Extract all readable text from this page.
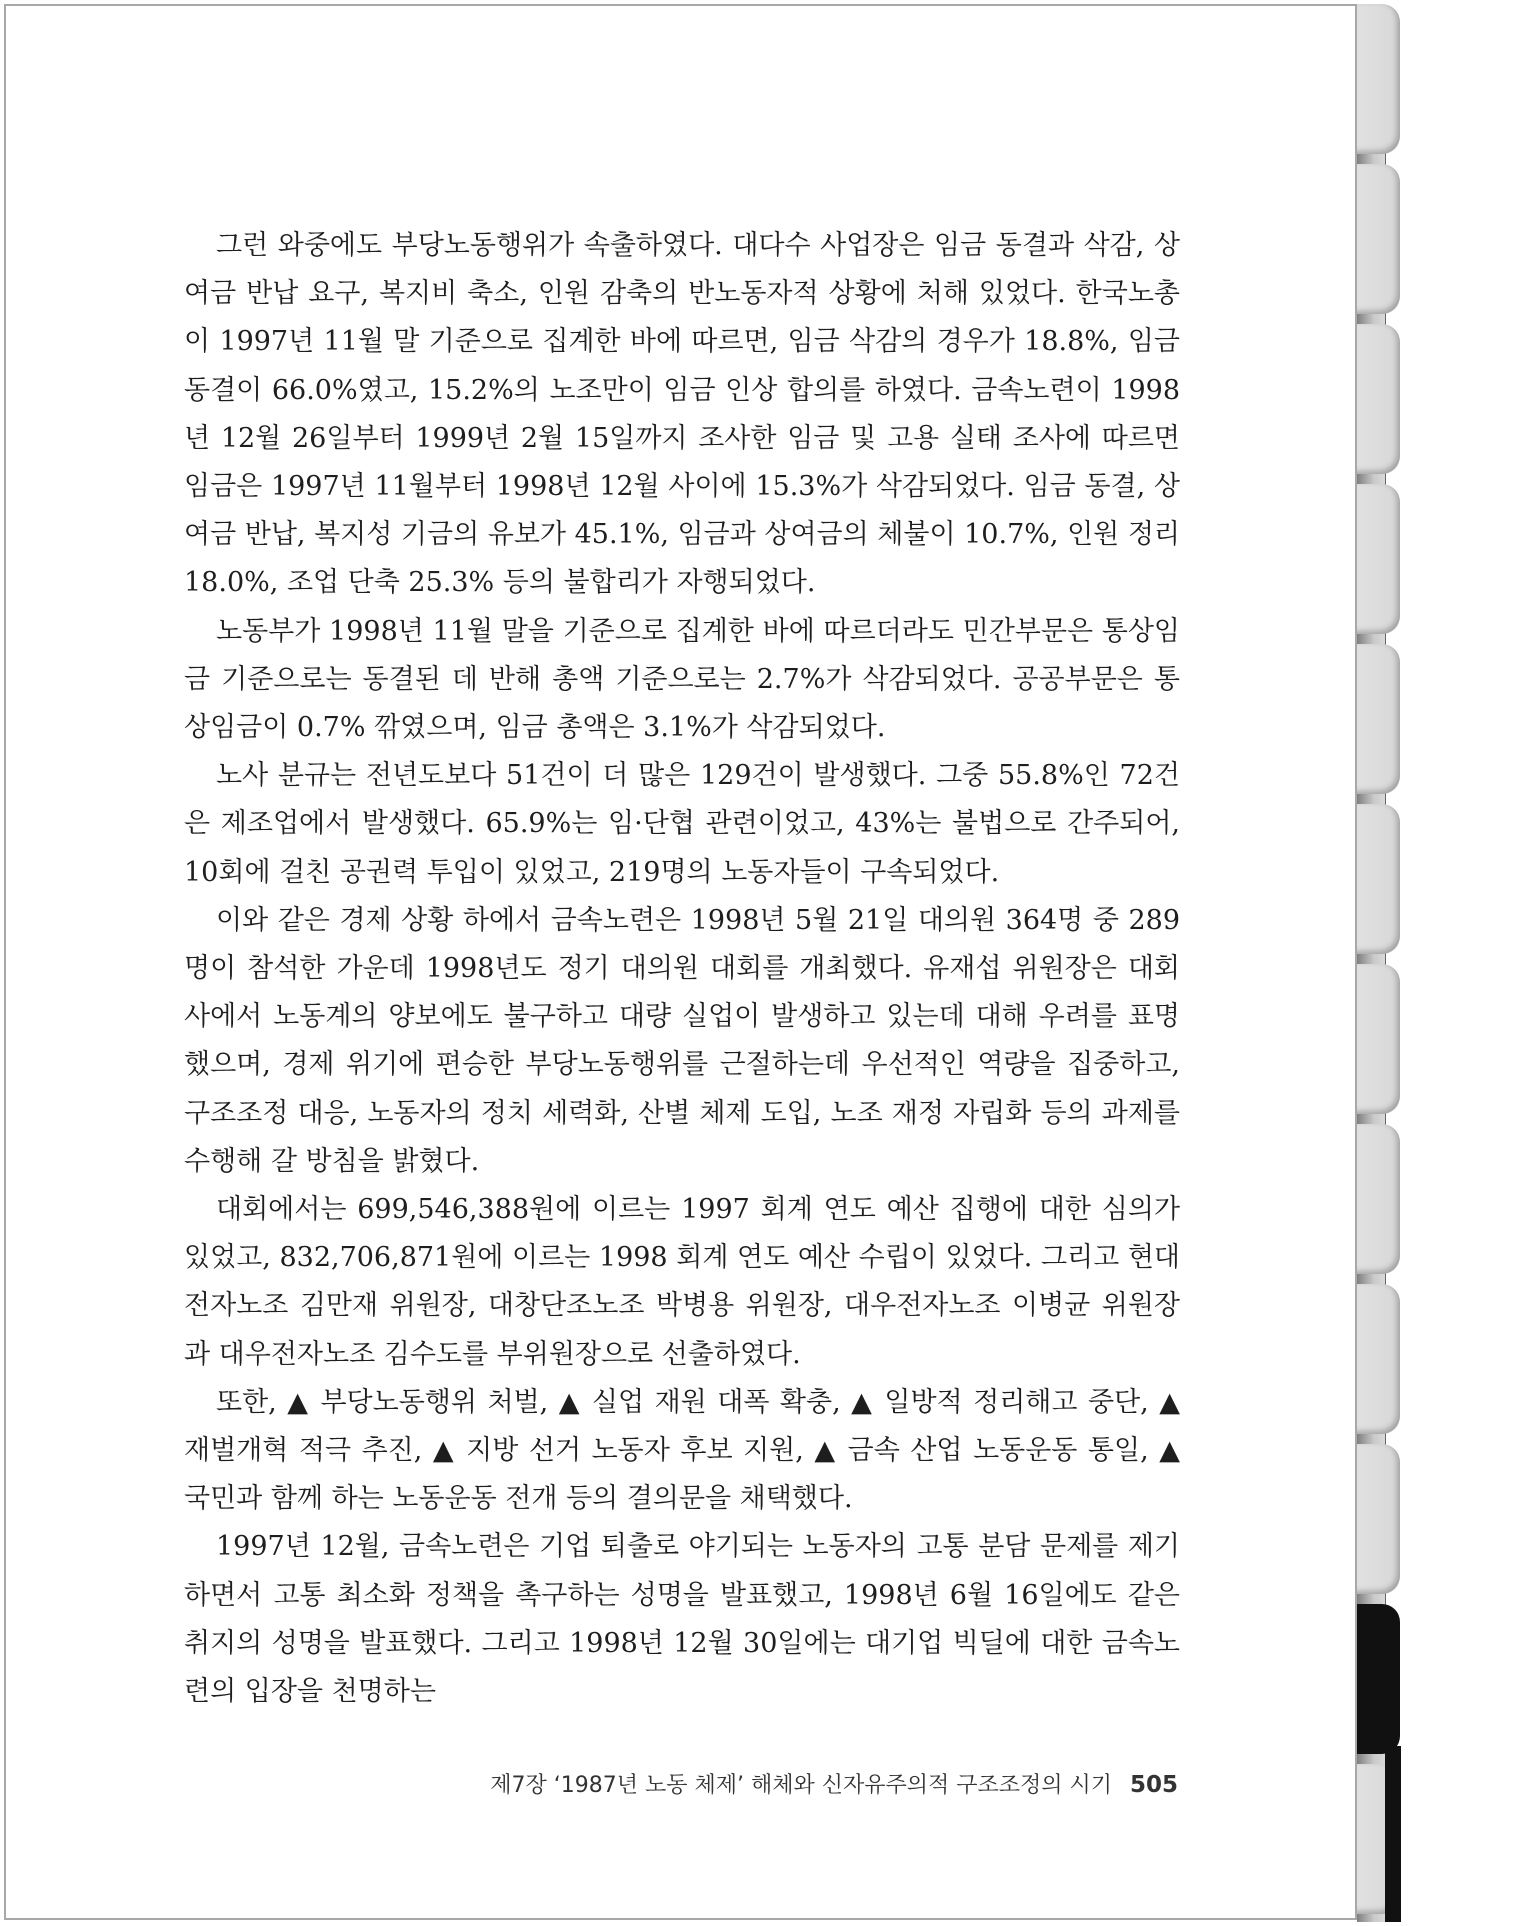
그런 와중에도 부당노동행위가 속출하였다. 대다수 사업장은 임금 동결과 삭감, 상여금 반납 요구, 복지비 축소, 인원 감축의 반노동자적 상황에 처해 있었다. 한국노총이 1997년 11월 말 기준으로 집계한 바에 따르면, 임금 삭감의 경우가 18.8%, 임금 동결이 66.0%였고, 15.2%의 노조만이 임금 인상 합의를 하였다. 금속노련이 1998년 12월 26일부터 1999년 2월 15일까지 조사한 임금 및 고용 실태 조사에 따르면 임금은 1997년 11월부터 1998년 12월 사이에 15.3%가 삭감되었다. 임금 동결, 상여금 반납, 복지성 기금의 유보가 45.1%, 임금과 상여금의 체불이 10.7%, 인원 정리 18.0%, 조업 단축 25.3% 등의 불합리가 자행되었다.

노동부가 1998년 11월 말을 기준으로 집계한 바에 따르더라도 민간부문은 통상임금 기준으로는 동결된 데 반해 총액 기준으로는 2.7%가 삭감되었다. 공공부문은 통상임금이 0.7% 깎였으며, 임금 총액은 3.1%가 삭감되었다.

노사 분규는 전년도보다 51건이 더 많은 129건이 발생했다. 그중 55.8%인 72건은 제조업에서 발생했다. 65.9%는 임·단협 관련이었고, 43%는 불법으로 간주되어, 10회에 걸친 공권력 투입이 있었고, 219명의 노동자들이 구속되었다.

이와 같은 경제 상황 하에서 금속노련은 1998년 5월 21일 대의원 364명 중 289명이 참석한 가운데 1998년도 정기 대의원 대회를 개최했다. 유재섭 위원장은 대회사에서 노동계의 양보에도 불구하고 대량 실업이 발생하고 있는데 대해 우려를 표명했으며, 경제 위기에 편승한 부당노동행위를 근절하는데 우선적인 역량을 집중하고, 구조조정 대응, 노동자의 정치 세력화, 산별 체제 도입, 노조 재정 자립화 등의 과제를 수행해 갈 방침을 밝혔다.

대회에서는 699,546,388원에 이르는 1997 회계 연도 예산 집행에 대한 심의가 있었고, 832,706,871원에 이르는 1998 회계 연도 예산 수립이 있었다. 그리고 현대전자노조 김만재 위원장, 대창단조노조 박병용 위원장, 대우전자노조 이병균 위원장과 대우전자노조 김수도를 부위원장으로 선출하였다.

또한, ▲ 부당노동행위 처벌, ▲ 실업 재원 대폭 확충, ▲ 일방적 정리해고 중단, ▲ 재벌개혁 적극 추진, ▲ 지방 선거 노동자 후보 지원, ▲ 금속 산업 노동운동 통일, ▲ 국민과 함께 하는 노동운동 전개 등의 결의문을 채택했다.

1997년 12월, 금속노련은 기업 퇴출로 야기되는 노동자의 고통 분담 문제를 제기하면서 고통 최소화 정책을 촉구하는 성명을 발표했고, 1998년 6월 16일에도 같은 취지의 성명을 발표했다. 그리고 1998년 12월 30일에는 대기업 빅딜에 대한 금속노련의 입장을 천명하는

제7장 ‘1987년 노동 체제’ 해체와 신자유주의적 구조조정의 시기 505
